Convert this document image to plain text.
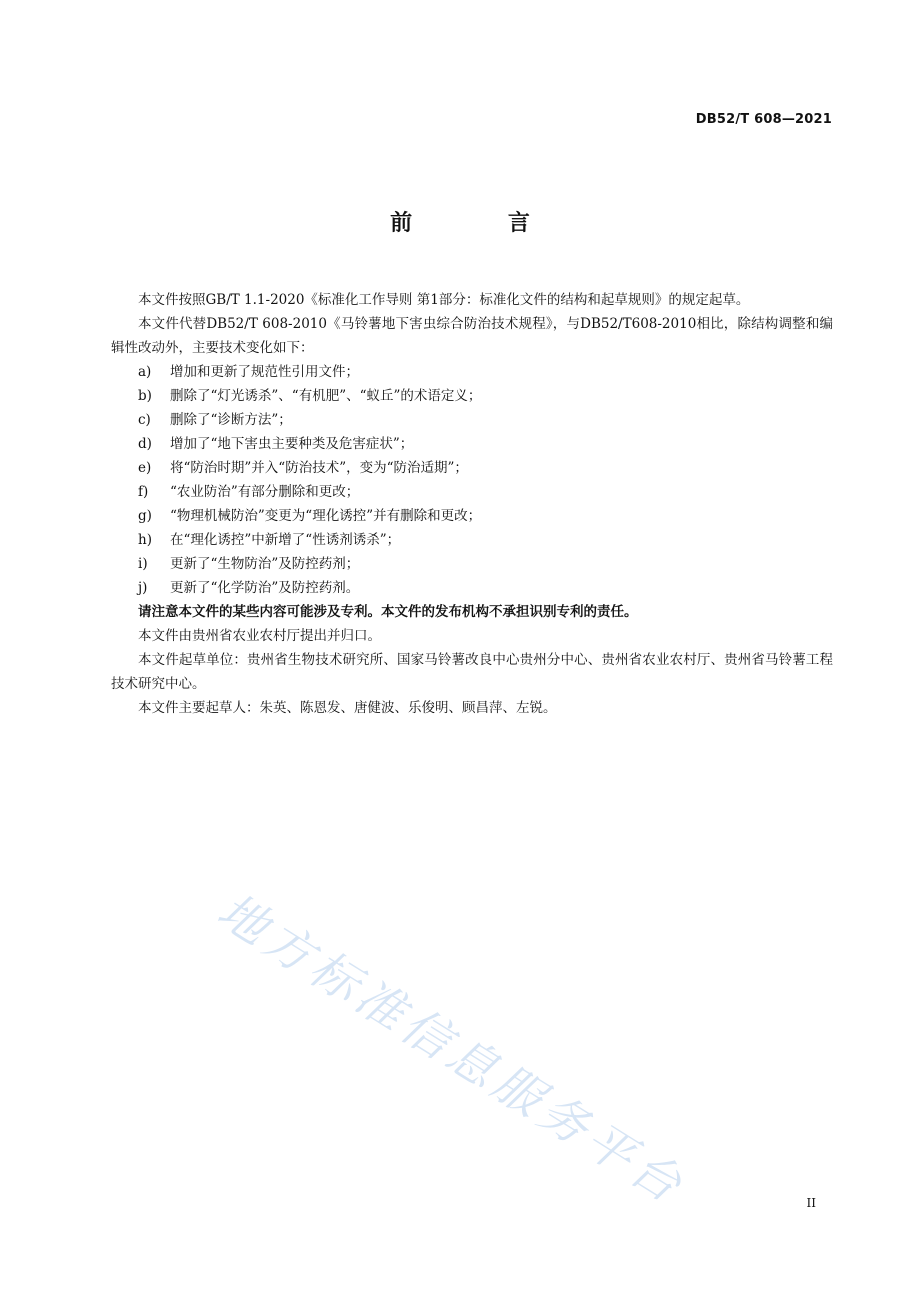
DB52/T 608—2021
前 言

本文件按照GB/T 1.1-2020《标准化工作导则 第1部分：标准化文件的结构和起草规则》的规定起草。

本文件代替DB52/T 608-2010《马铃薯地下害虫综合防治技术规程》，与DB52/T608-2010相比，除结构调整和编辑性改动外，主要技术变化如下：

a)	增加和更新了规范性引用文件；
b)	删除了“灯光诱杀”、“有机肥”、“蚁丘”的术语定义；
c)	删除了“诊断方法”；
d)	增加了“地下害虫主要种类及危害症状”；
e)	将“防治时期”并入“防治技术”，变为“防治适期”；
f)	“农业防治”有部分删除和更改；
g)	“物理机械防治”变更为“理化诱控”并有删除和更改；
h)	在“理化诱控”中新增了“性诱剂诱杀”；
i)	更新了“生物防治”及防控药剂；
j)	更新了“化学防治”及防控药剂。

请注意本文件的某些内容可能涉及专利。本文件的发布机构不承担识别专利的责任。

本文件由贵州省农业农村厅提出并归口。

本文件起草单位：贵州省生物技术研究所、国家马铃薯改良中心贵州分中心、贵州省农业农村厅、贵州省马铃薯工程技术研究中心。

本文件主要起草人：朱英、陈恩发、唐健波、乐俊明、顾昌萍、左锐。

地方标准信息服务平台	II
